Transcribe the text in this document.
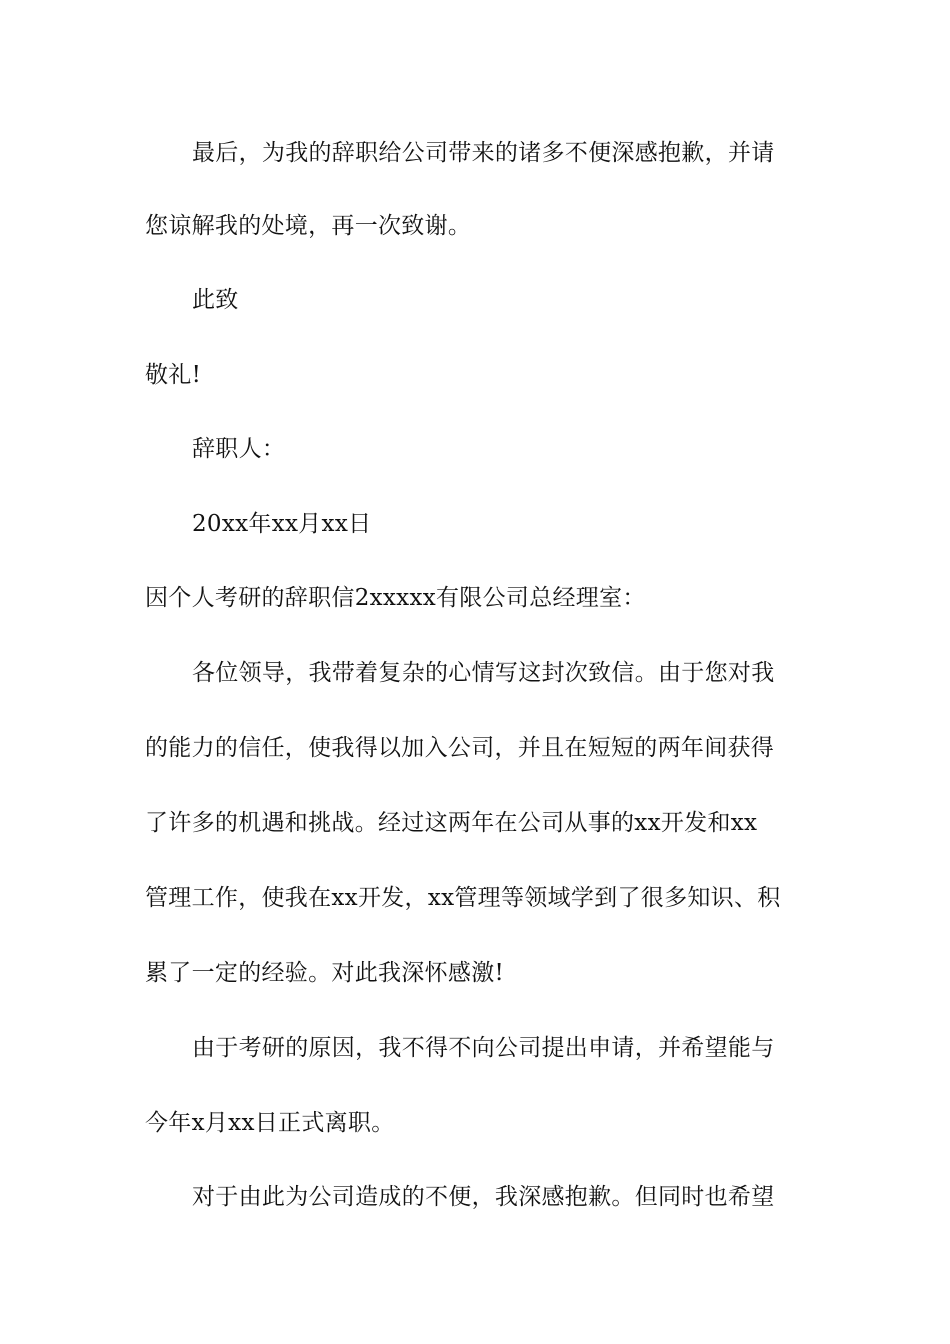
最后，为我的辞职给公司带来的诸多不便深感抱歉，并请
您谅解我的处境，再一次致谢。
此致
敬礼!
辞职人：
20xx年xx月xx日
因个人考研的辞职信2xxxxx有限公司总经理室：
各位领导，我带着复杂的心情写这封次致信。由于您对我
的能力的信任，使我得以加入公司，并且在短短的两年间获得
了许多的机遇和挑战。经过这两年在公司从事的xx开发和xx
管理工作，使我在xx开发，xx管理等领域学到了很多知识、积
累了一定的经验。对此我深怀感激!
由于考研的原因，我不得不向公司提出申请，并希望能与
今年x月xx日正式离职。
对于由此为公司造成的不便，我深感抱歉。但同时也希望
